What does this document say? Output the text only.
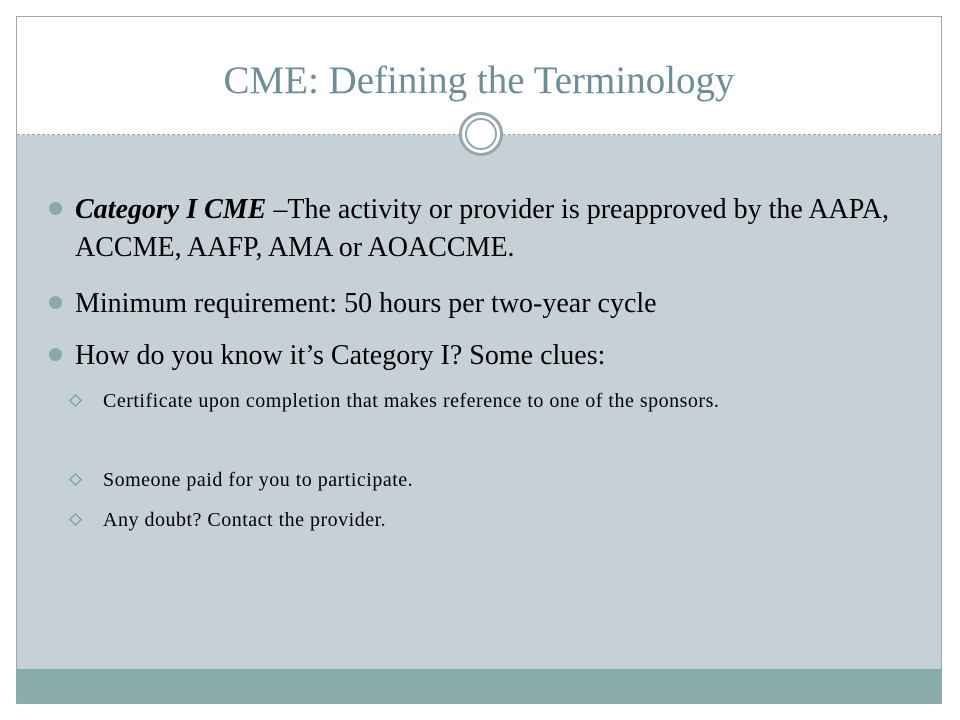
CME: Defining the Terminology
Category I CME –The activity or provider is preapproved by the AAPA, ACCME, AAFP, AMA or AOACCME.
Minimum requirement: 50 hours per two-year cycle
How do you know it’s Category I? Some clues:
Certificate upon completion that makes reference to one of the sponsors.
Someone paid for you to participate.
Any doubt? Contact the provider.
